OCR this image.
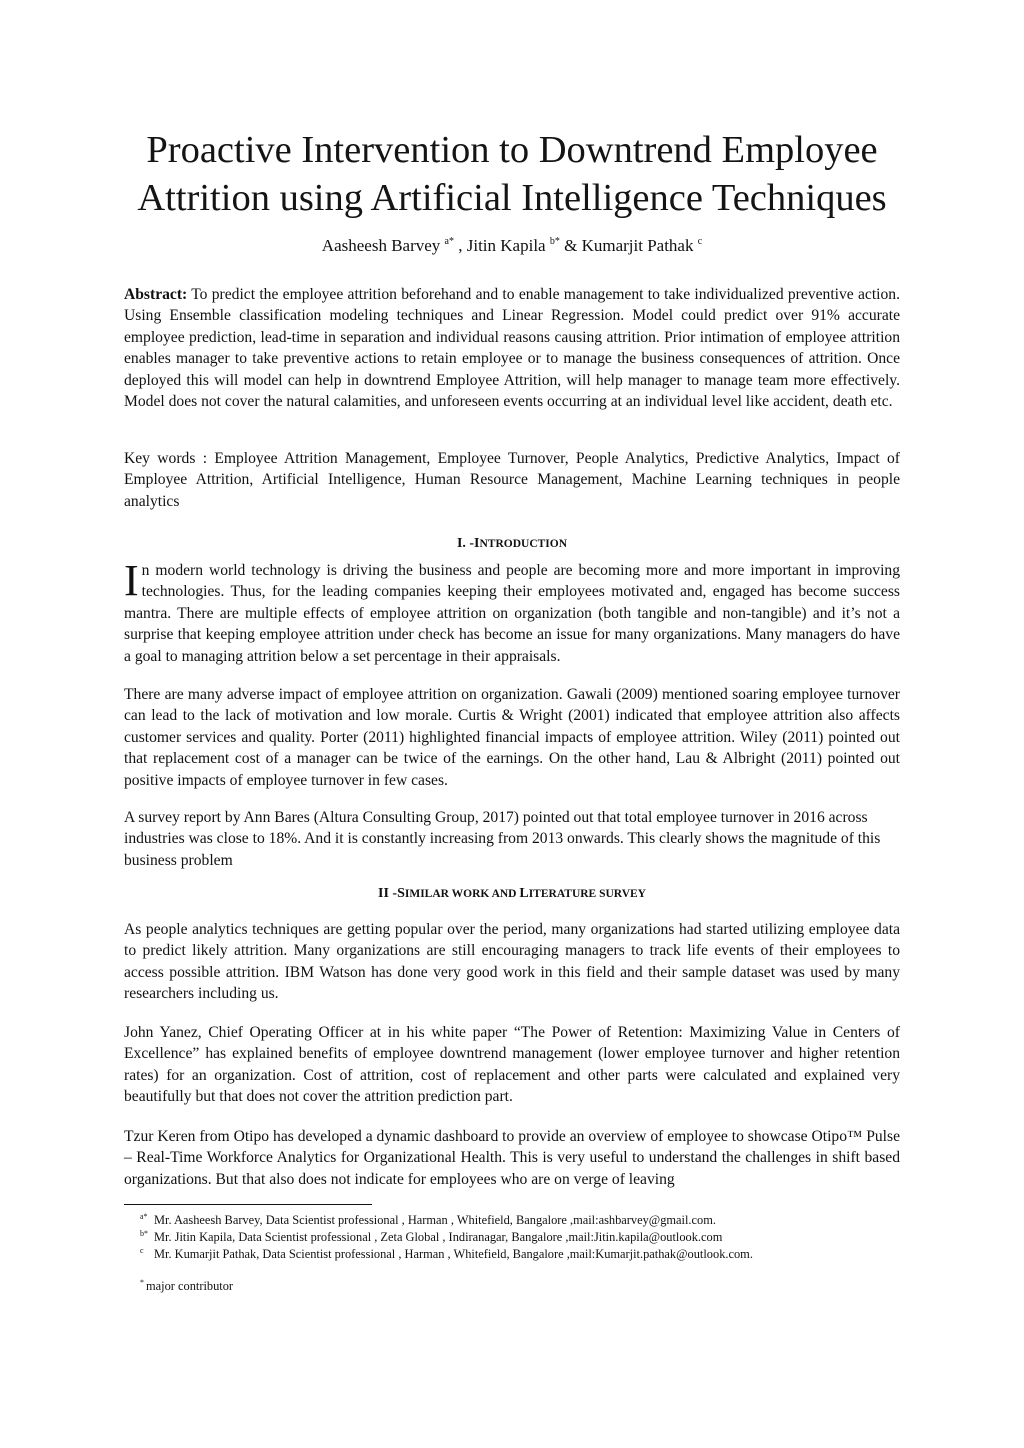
Proactive Intervention to Downtrend Employee
Attrition using Artificial Intelligence Techniques
Aasheesh Barvey $^{a*}$ , Jitin Kapila $^{b*}$ & Kumarjit Pathak $^c$

Abstract: To predict the employee attrition beforehand and to enable management to take individualized preventive action. Using Ensemble classification modeling techniques and Linear Regression. Model could predict over 91% accurate employee prediction, lead-time in separation and individual reasons causing attrition. Prior intimation of employee attrition enables manager to take preventive actions to retain employee or to manage the business consequences of attrition. Once deployed this will model can help in downtrend Employee Attrition, will help manager to manage team more effectively. Model does not cover the natural calamities, and unforeseen events occurring at an individual level like accident, death etc.

Key words : Employee Attrition Management, Employee Turnover, People Analytics, Predictive Analytics, Impact of Employee Attrition, Artificial Intelligence, Human Resource Management, Machine Learning techniques in people analytics

I. -INTRODUCTION

In modern world technology is driving the business and people are becoming more and more important in improving technologies. Thus, for the leading companies keeping their employees motivated and, engaged has become success mantra. There are multiple effects of employee attrition on organization (both tangible and non-tangible) and it’s not a surprise that keeping employee attrition under check has become an issue for many organizations. Many managers do have a goal to managing attrition below a set percentage in their appraisals.

There are many adverse impact of employee attrition on organization. Gawali (2009) mentioned soaring employee turnover can lead to the lack of motivation and low morale. Curtis & Wright (2001) indicated that employee attrition also affects customer services and quality. Porter (2011) highlighted financial impacts of employee attrition. Wiley (2011) pointed out that replacement cost of a manager can be twice of the earnings. On the other hand, Lau & Albright (2011) pointed out positive impacts of employee turnover in few cases.

A survey report by Ann Bares (Altura Consulting Group, 2017) pointed out that total employee turnover in 2016 across industries was close to 18%. And it is constantly increasing from 2013 onwards. This clearly shows the magnitude of this business problem

II -SIMILAR WORK AND LITERATURE SURVEY

As people analytics techniques are getting popular over the period, many organizations had started utilizing employee data to predict likely attrition. Many organizations are still encouraging managers to track life events of their employees to access possible attrition. IBM Watson has done very good work in this field and their sample dataset was used by many researchers including us.

John Yanez, Chief Operating Officer at in his white paper “The Power of Retention: Maximizing Value in Centers of Excellence” has explained benefits of employee downtrend management (lower employee turnover and higher retention rates) for an organization. Cost of attrition, cost of replacement and other parts were calculated and explained very beautifully but that does not cover the attrition prediction part.

Tzur Keren from Otipo has developed a dynamic dashboard to provide an overview of employee to showcase Otipo™ Pulse – Real-Time Workforce Analytics for Organizational Health. This is very useful to understand the challenges in shift based organizations. But that also does not indicate for employees who are on verge of leaving

$^{a*}$ Mr. Aasheesh Barvey, Data Scientist professional , Harman , Whitefield, Bangalore ,mail:ashbarvey@gmail.com.

$^{b*}$ Mr. Jitin Kapila, Data Scientist professional , Zeta Global , Indiranagar, Bangalore ,mail:Jitin.kapila@outlook.com

$^c$ Mr. Kumarjit Pathak, Data Scientist professional , Harman , Whitefield, Bangalore ,mail:Kumarjit.pathak@outlook.com.

* major contributor
